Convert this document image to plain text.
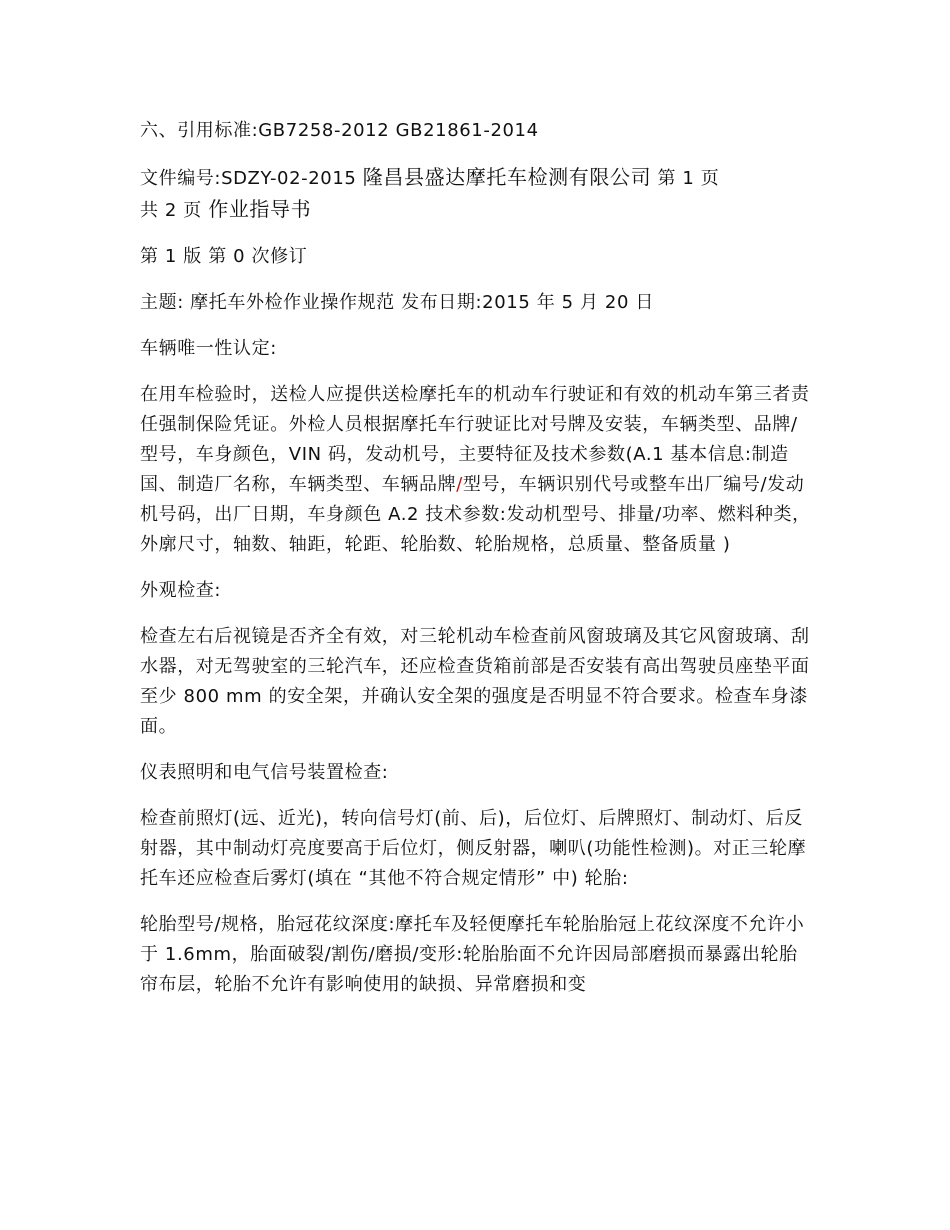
六、引用标准:GB7258-2012 GB21861-2014

文件编号:SDZY-02-2015 隆昌县盛达摩托车检测有限公司 第 1 页
共 2 页 作业指导书

第 1 版 第 0 次修订

主题: 摩托车外检作业操作规范 发布日期:2015 年 5 月 20 日

车辆唯一性认定:

在用车检验时，送检人应提供送检摩托车的机动车行驶证和有效的机动车第三者责任强制保险凭证。外检人员根据摩托车行驶证比对号牌及安装，车辆类型、品牌/型号，车身颜色，VIN 码，发动机号，主要特征及技术参数(A.1 基本信息:制造国、制造厂名称，车辆类型、车辆品牌/型号，车辆识别代号或整车出厂编号/发动机号码，出厂日期，车身颜色 A.2 技术参数:发动机型号、排量/功率、燃料种类，外廓尺寸，轴数、轴距，轮距、轮胎数、轮胎规格，总质量、整备质量 )

外观检查:

检查左右后视镜是否齐全有效，对三轮机动车检查前风窗玻璃及其它风窗玻璃、刮水器，对无驾驶室的三轮汽车，还应检查货箱前部是否安装有高出驾驶员座垫平面至少 800 mm 的安全架，并确认安全架的强度是否明显不符合要求。检查车身漆面。

仪表照明和电气信号装置检查:

检查前照灯(远、近光)，转向信号灯(前、后)，后位灯、后牌照灯、制动灯、后反射器，其中制动灯亮度要高于后位灯，侧反射器，喇叭(功能性检测)。对正三轮摩托车还应检查后雾灯(填在 “其他不符合规定情形” 中) 轮胎:

轮胎型号/规格，胎冠花纹深度:摩托车及轻便摩托车轮胎胎冠上花纹深度不允许小于 1.6mm，胎面破裂/割伤/磨损/变形:轮胎胎面不允许因局部磨损而暴露出轮胎帘布层，轮胎不允许有影响使用的缺损、异常磨损和变
